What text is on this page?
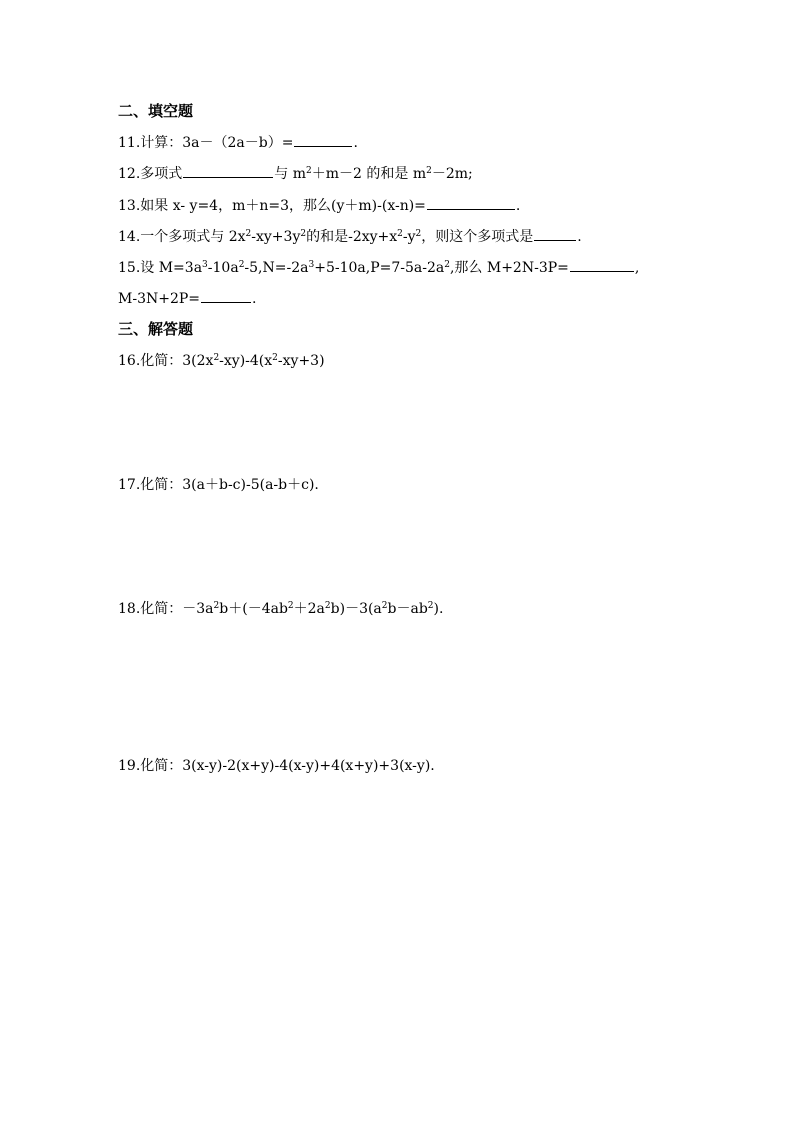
二、填空题
11.计算：3a－（2a－b）=	.
12.多项式	与 $m^2+m-2$ 的和是 $m^2-2m$;
13.如果 x- y=4，m＋n=3，那么(y＋m)-(x-n)=	.
14.一个多项式与 $2x^2-xy+3y^2$的和是$-2xy+x^2-y^2$，则这个多项式是	.
15.设 $M=3a^3-10a^2-5,N=-2a^3+5-10a,P=7-5a-2a^2$,那么 M+2N-3P=	,
M-3N+2P=	.
三、解答题
16.化简：$3(2x^2-xy)-4(x^2-xy+3)$
17.化简：3(a＋b-c)-5(a-b＋c).
18.化简：$-3a^2b+(-4ab^2+2a^2b)-3(a^2b-ab^2)$.
19.化简：3(x-y)-2(x+y)-4(x-y)+4(x+y)+3(x-y).
